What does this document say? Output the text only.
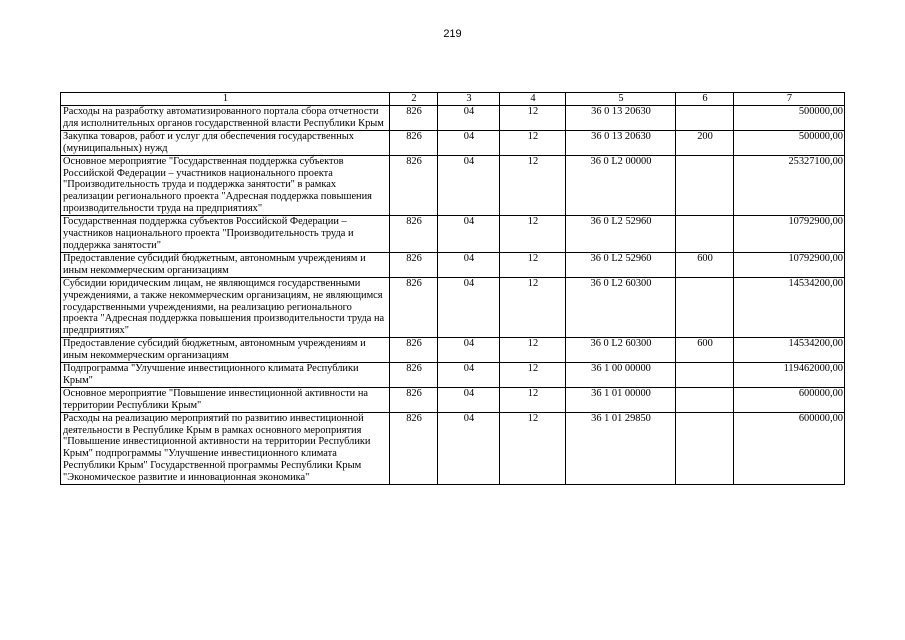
219
1	2	3	4	5	6	7
Расходы на разработку автоматизированного портала сбора отчетности для исполнительных органов государственной власти Республики Крым	826	04	12	36 0 13 20630		500000,00
Закупка товаров, работ и услуг для обеспечения государственных (муниципальных) нужд	826	04	12	36 0 13 20630	200	500000,00
Основное мероприятие "Государственная поддержка субъектов Российской Федерации – участников национального проекта "Производительность труда и поддержка занятости" в рамках реализации регионального проекта "Адресная поддержка повышения производительности труда на предприятиях"	826	04	12	36 0 L2 00000		25327100,00
Государственная поддержка субъектов Российской Федерации – участников национального проекта "Производительность труда и поддержка занятости"	826	04	12	36 0 L2 52960		10792900,00
Предоставление субсидий бюджетным, автономным учреждениям и иным некоммерческим организациям	826	04	12	36 0 L2 52960	600	10792900,00
Субсидии юридическим лицам, не являющимся государственными учреждениями, а также некоммерческим организациям, не являющимся государственными учреждениями, на реализацию регионального проекта "Адресная поддержка повышения производительности труда на предприятиях"	826	04	12	36 0 L2 60300		14534200,00
Предоставление субсидий бюджетным, автономным учреждениям и иным некоммерческим организациям	826	04	12	36 0 L2 60300	600	14534200,00
Подпрограмма "Улучшение инвестиционного климата Республики Крым"	826	04	12	36 1 00 00000		119462000,00
Основное мероприятие "Повышение инвестиционной активности на территории Республики Крым"	826	04	12	36 1 01 00000		600000,00
Расходы на реализацию мероприятий по развитию инвестиционной деятельности в Республике Крым в рамках основного мероприятия "Повышение инвестиционной активности на территории Республики Крым" подпрограммы "Улучшение инвестиционного климата Республики Крым" Государственной программы Республики Крым "Экономическое развитие и инновационная экономика"	826	04	12	36 1 01 29850		600000,00
